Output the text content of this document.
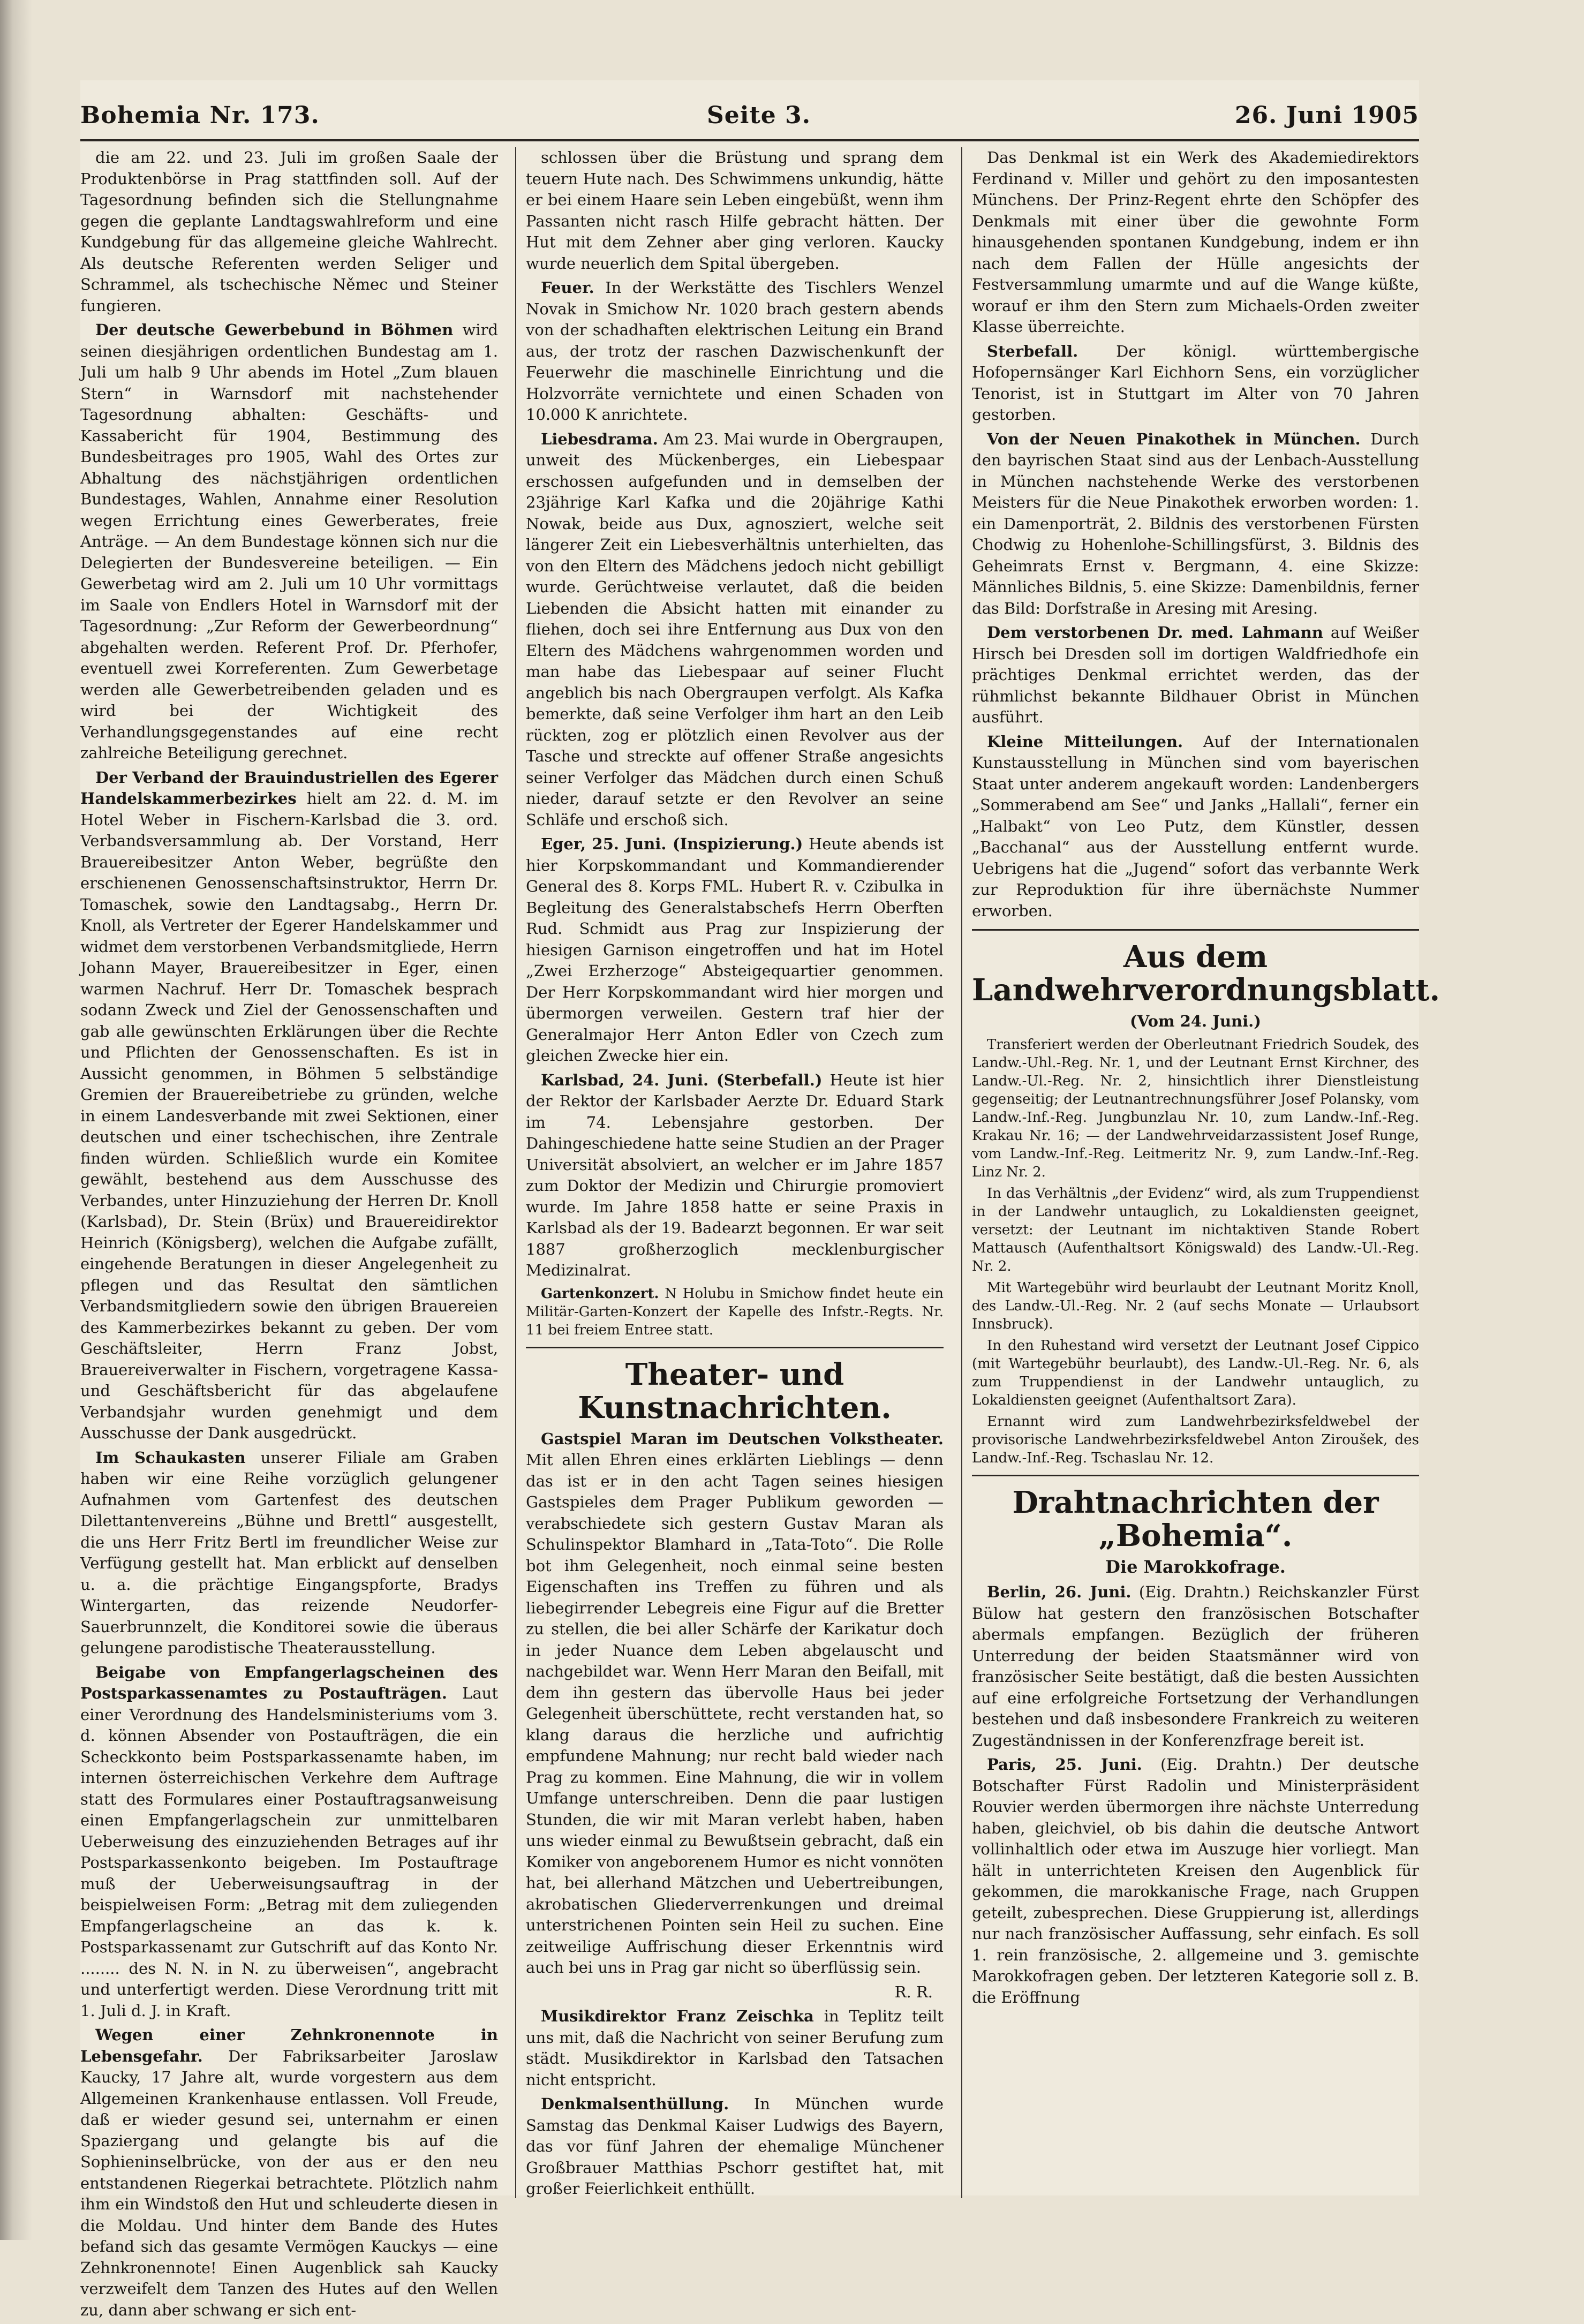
Bohemia Nr. 173.	Seite 3.	26. Juni 1905

die am 22. und 23. Juli im großen Saale der Produktenbörse in Prag stattfinden soll. Auf der Tagesordnung befinden sich die Stellungnahme gegen die geplante Landtagswahlreform und eine Kundgebung für das allgemeine gleiche Wahlrecht. Als deutsche Referenten werden Seliger und Schrammel, als tschechische Němec und Steiner fungieren.

Der deutsche Gewerbebund in Böhmen wird seinen diesjährigen ordentlichen Bundestag am 1. Juli um halb 9 Uhr abends im Hotel „Zum blauen Stern“ in Warnsdorf mit nachstehender Tagesordnung abhalten: Geschäfts- und Kassabericht für 1904, Bestimmung des Bundesbeitrages pro 1905, Wahl des Ortes zur Abhaltung des nächstjährigen ordentlichen Bundestages, Wahlen, Annahme einer Resolution wegen Errichtung eines Gewerberates, freie Anträge. — An dem Bundestage können sich nur die Delegierten der Bundesvereine beteiligen. — Ein Gewerbetag wird am 2. Juli um 10 Uhr vormittags im Saale von Endlers Hotel in Warnsdorf mit der Tagesordnung: „Zur Reform der Gewerbeordnung“ abgehalten werden. Referent Prof. Dr. Pferhofer, eventuell zwei Korreferenten. Zum Gewerbetage werden alle Gewerbetreibenden geladen und es wird bei der Wichtigkeit des Verhandlungsgegenstandes auf eine recht zahlreiche Beteiligung gerechnet.

Der Verband der Brauindustriellen des Egerer Handelskammerbezirkes hielt am 22. d. M. im Hotel Weber in Fischern-Karlsbad die 3. ord. Verbandsversammlung ab. Der Vorstand, Herr Brauereibesitzer Anton Weber, begrüßte den erschienenen Genossenschaftsinstruktor, Herrn Dr. Tomaschek, sowie den Landtagsabg., Herrn Dr. Knoll, als Vertreter der Egerer Handelskammer und widmet dem verstorbenen Verbandsmitgliede, Herrn Johann Mayer, Brauereibesitzer in Eger, einen warmen Nachruf. Herr Dr. Tomaschek besprach sodann Zweck und Ziel der Genossenschaften und gab alle gewünschten Erklärungen über die Rechte und Pflichten der Genossenschaften. Es ist in Aussicht genommen, in Böhmen 5 selbständige Gremien der Brauereibetriebe zu gründen, welche in einem Landesverbande mit zwei Sektionen, einer deutschen und einer tschechischen, ihre Zentrale finden würden. Schließlich wurde ein Komitee gewählt, bestehend aus dem Ausschusse des Verbandes, unter Hinzuziehung der Herren Dr. Knoll (Karlsbad), Dr. Stein (Brüx) und Brauereidirektor Heinrich (Königsberg), welchen die Aufgabe zufällt, eingehende Beratungen in dieser Angelegenheit zu pflegen und das Resultat den sämtlichen Verbandsmitgliedern sowie den übrigen Brauereien des Kammerbezirkes bekannt zu geben. Der vom Geschäftsleiter, Herrn Franz Jobst, Brauereiverwalter in Fischern, vorgetragene Kassa- und Geschäftsbericht für das abgelaufene Verbandsjahr wurden genehmigt und dem Ausschusse der Dank ausgedrückt.

Im Schaukasten unserer Filiale am Graben haben wir eine Reihe vorzüglich gelungener Aufnahmen vom Gartenfest des deutschen Dilettantenvereins „Bühne und Brettl“ ausgestellt, die uns Herr Fritz Bertl im freundlicher Weise zur Verfügung gestellt hat. Man erblickt auf denselben u. a. die prächtige Eingangspforte, Bradys Wintergarten, das reizende Neudorfer-Sauerbrunnzelt, die Konditorei sowie die überaus gelungene parodistische Theaterausstellung.

Beigabe von Empfangerlagscheinen des Postsparkassenamtes zu Postaufträgen. Laut einer Verordnung des Handelsministeriums vom 3. d. können Absender von Postaufträgen, die ein Scheckkonto beim Postsparkassenamte haben, im internen österreichischen Verkehre dem Auftrage statt des Formulares einer Postauftragsanweisung einen Empfangerlagschein zur unmittelbaren Ueberweisung des einzuziehenden Betrages auf ihr Postsparkassenkonto beigeben. Im Postauftrage muß der Ueberweisungsauftrag in der beispielweisen Form: „Betrag mit dem zuliegenden Empfangerlagscheine an das k. k. Postsparkassenamt zur Gutschrift auf das Konto Nr. ........ des N. N. in N. zu überweisen“, angebracht und unterfertigt werden. Diese Verordnung tritt mit 1. Juli d. J. in Kraft.

Wegen einer Zehnkronennote in Lebensgefahr. Der Fabriksarbeiter Jaroslaw Kaucky, 17 Jahre alt, wurde vorgestern aus dem Allgemeinen Krankenhause entlassen. Voll Freude, daß er wieder gesund sei, unternahm er einen Spaziergang und gelangte bis auf die Sophieninselbrücke, von der aus er den neu entstandenen Riegerkai betrachtete. Plötzlich nahm ihm ein Windstoß den Hut und schleuderte diesen in die Moldau. Und hinter dem Bande des Hutes befand sich das gesamte Vermögen Kauckys — eine Zehnkronennote! Einen Augenblick sah Kaucky verzweifelt dem Tanzen des Hutes auf den Wellen zu, dann aber schwang er sich ent-

schlossen über die Brüstung und sprang dem teuern Hute nach. Des Schwimmens unkundig, hätte er bei einem Haare sein Leben eingebüßt, wenn ihm Passanten nicht rasch Hilfe gebracht hätten. Der Hut mit dem Zehner aber ging verloren. Kaucky wurde neuerlich dem Spital übergeben.

Feuer. In der Werkstätte des Tischlers Wenzel Novak in Smichow Nr. 1020 brach gestern abends von der schadhaften elektrischen Leitung ein Brand aus, der trotz der raschen Dazwischenkunft der Feuerwehr die maschinelle Einrichtung und die Holzvorräte vernichtete und einen Schaden von 10.000 K anrichtete.

Liebesdrama. Am 23. Mai wurde in Obergraupen, unweit des Mückenberges, ein Liebespaar erschossen aufgefunden und in demselben der 23jährige Karl Kafka und die 20jährige Kathi Nowak, beide aus Dux, agnosziert, welche seit längerer Zeit ein Liebesverhältnis unterhielten, das von den Eltern des Mädchens jedoch nicht gebilligt wurde. Gerüchtweise verlautet, daß die beiden Liebenden die Absicht hatten mit einander zu fliehen, doch sei ihre Entfernung aus Dux von den Eltern des Mädchens wahrgenommen worden und man habe das Liebespaar auf seiner Flucht angeblich bis nach Obergraupen verfolgt. Als Kafka bemerkte, daß seine Verfolger ihm hart an den Leib rückten, zog er plötzlich einen Revolver aus der Tasche und streckte auf offener Straße angesichts seiner Verfolger das Mädchen durch einen Schuß nieder, darauf setzte er den Revolver an seine Schläfe und erschoß sich.

Eger, 25. Juni. (Inspizierung.) Heute abends ist hier Korpskommandant und Kommandierender General des 8. Korps FML. Hubert R. v. Czibulka in Begleitung des Generalstabschefs Herrn Oberften Rud. Schmidt aus Prag zur Inspizierung der hiesigen Garnison eingetroffen und hat im Hotel „Zwei Erzherzoge“ Absteigequartier genommen. Der Herr Korpskommandant wird hier morgen und übermorgen verweilen. Gestern traf hier der Generalmajor Herr Anton Edler von Czech zum gleichen Zwecke hier ein.

Karlsbad, 24. Juni. (Sterbefall.) Heute ist hier der Rektor der Karlsbader Aerzte Dr. Eduard Stark im 74. Lebensjahre gestorben. Der Dahingeschiedene hatte seine Studien an der Prager Universität absolviert, an welcher er im Jahre 1857 zum Doktor der Medizin und Chirurgie promoviert wurde. Im Jahre 1858 hatte er seine Praxis in Karlsbad als der 19. Badearzt begonnen. Er war seit 1887 großherzoglich mecklenburgischer Medizinalrat.

Gartenkonzert. N Holubu in Smichow findet heute ein Militär-Garten-Konzert der Kapelle des Infstr.-Regts. Nr. 11 bei freiem Entree statt.

Theater- und Kunstnachrichten.

Gastspiel Maran im Deutschen Volkstheater. Mit allen Ehren eines erklärten Lieblings — denn das ist er in den acht Tagen seines hiesigen Gastspieles dem Prager Publikum geworden — verabschiedete sich gestern Gustav Maran als Schulinspektor Blamhard in „Tata-Toto“. Die Rolle bot ihm Gelegenheit, noch einmal seine besten Eigenschaften ins Treffen zu führen und als liebegirrender Lebegreis eine Figur auf die Bretter zu stellen, die bei aller Schärfe der Karikatur doch in jeder Nuance dem Leben abgelauscht und nachgebildet war. Wenn Herr Maran den Beifall, mit dem ihn gestern das übervolle Haus bei jeder Gelegenheit überschüttete, recht verstanden hat, so klang daraus die herzliche und aufrichtig empfundene Mahnung; nur recht bald wieder nach Prag zu kommen. Eine Mahnung, die wir in vollem Umfange unterschreiben. Denn die paar lustigen Stunden, die wir mit Maran verlebt haben, haben uns wieder einmal zu Bewußtsein gebracht, daß ein Komiker von angeborenem Humor es nicht vonnöten hat, bei allerhand Mätzchen und Uebertreibungen, akrobatischen Gliederverrenkungen und dreimal unterstrichenen Pointen sein Heil zu suchen. Eine zeitweilige Auffrischung dieser Erkenntnis wird auch bei uns in Prag gar nicht so überflüssig sein.

R. R.

Musikdirektor Franz Zeischka in Teplitz teilt uns mit, daß die Nachricht von seiner Berufung zum städt. Musikdirektor in Karlsbad den Tatsachen nicht entspricht.

Denkmalsenthüllung. In München wurde Samstag das Denkmal Kaiser Ludwigs des Bayern, das vor fünf Jahren der ehemalige Münchener Großbrauer Matthias Pschorr gestiftet hat, mit großer Feierlichkeit enthüllt.

Das Denkmal ist ein Werk des Akademiedirektors Ferdinand v. Miller und gehört zu den imposantesten Münchens. Der Prinz-Regent ehrte den Schöpfer des Denkmals mit einer über die gewohnte Form hinausgehenden spontanen Kundgebung, indem er ihn nach dem Fallen der Hülle angesichts der Festversammlung umarmte und auf die Wange küßte, worauf er ihm den Stern zum Michaels-Orden zweiter Klasse überreichte.

Sterbefall. Der königl. württembergische Hofopernsänger Karl Eichhorn Sens, ein vorzüglicher Tenorist, ist in Stuttgart im Alter von 70 Jahren gestorben.

Von der Neuen Pinakothek in München. Durch den bayrischen Staat sind aus der Lenbach-Ausstellung in München nachstehende Werke des verstorbenen Meisters für die Neue Pinakothek erworben worden: 1. ein Damenporträt, 2. Bildnis des verstorbenen Fürsten Chodwig zu Hohenlohe-Schillingsfürst, 3. Bildnis des Geheimrats Ernst v. Bergmann, 4. eine Skizze: Männliches Bildnis, 5. eine Skizze: Damenbildnis, ferner das Bild: Dorfstraße in Aresing mit Aresing.

Dem verstorbenen Dr. med. Lahmann auf Weißer Hirsch bei Dresden soll im dortigen Waldfriedhofe ein prächtiges Denkmal errichtet werden, das der rühmlichst bekannte Bildhauer Obrist in München ausführt.

Kleine Mitteilungen. Auf der Internationalen Kunstausstellung in München sind vom bayerischen Staat unter anderem angekauft worden: Landenbergers „Sommerabend am See“ und Janks „Hallali“, ferner ein „Halbakt“ von Leo Putz, dem Künstler, dessen „Bacchanal“ aus der Ausstellung entfernt wurde. Uebrigens hat die „Jugend“ sofort das verbannte Werk zur Reproduktion für ihre übernächste Nummer erworben.

Aus dem Landwehrverordnungsblatt.

(Vom 24. Juni.)

Transferiert werden der Oberleutnant Friedrich Soudek, des Landw.-Uhl.-Reg. Nr. 1, und der Leutnant Ernst Kirchner, des Landw.-Ul.-Reg. Nr. 2, hinsichtlich ihrer Dienstleistung gegenseitig; der Leutnantrechnungsführer Josef Polansky, vom Landw.-Inf.-Reg. Jungbunzlau Nr. 10, zum Landw.-Inf.-Reg. Krakau Nr. 16; — der Landwehrveidarzassistent Josef Runge, vom Landw.-Inf.-Reg. Leitmeritz Nr. 9, zum Landw.-Inf.-Reg. Linz Nr. 2.

In das Verhältnis „der Evidenz“ wird, als zum Truppendienst in der Landwehr untauglich, zu Lokaldiensten geeignet, versetzt: der Leutnant im nichtaktiven Stande Robert Mattausch (Aufenthaltsort Königswald) des Landw.-Ul.-Reg. Nr. 2.

Mit Wartegebühr wird beurlaubt der Leutnant Moritz Knoll, des Landw.-Ul.-Reg. Nr. 2 (auf sechs Monate — Urlaubsort Innsbruck).

In den Ruhestand wird versetzt der Leutnant Josef Cippico (mit Wartegebühr beurlaubt), des Landw.-Ul.-Reg. Nr. 6, als zum Truppendienst in der Landwehr untauglich, zu Lokaldiensten geeignet (Aufenthaltsort Zara).

Ernannt wird zum Landwehrbezirksfeldwebel der provisorische Landwehrbezirksfeldwebel Anton Ziroušek, des Landw.-Inf.-Reg. Tschaslau Nr. 12.

Drahtnachrichten der „Bohemia“.
Die Marokkofrage.

Berlin, 26. Juni. (Eig. Drahtn.) Reichskanzler Fürst Bülow hat gestern den französischen Botschafter abermals empfangen. Bezüglich der früheren Unterredung der beiden Staatsmänner wird von französischer Seite bestätigt, daß die besten Aussichten auf eine erfolgreiche Fortsetzung der Verhandlungen bestehen und daß insbesondere Frankreich zu weiteren Zugeständnissen in der Konferenzfrage bereit ist.

Paris, 25. Juni. (Eig. Drahtn.) Der deutsche Botschafter Fürst Radolin und Ministerpräsident Rouvier werden übermorgen ihre nächste Unterredung haben, gleichviel, ob bis dahin die deutsche Antwort vollinhaltlich oder etwa im Auszuge hier vorliegt. Man hält in unterrichteten Kreisen den Augenblick für gekommen, die marokkanische Frage, nach Gruppen geteilt, zubesprechen. Diese Gruppierung ist, allerdings nur nach französischer Auffassung, sehr einfach. Es soll 1. rein französische, 2. allgemeine und 3. gemischte Marokkofragen geben. Der letzteren Kategorie soll z. B. die Eröffnung
